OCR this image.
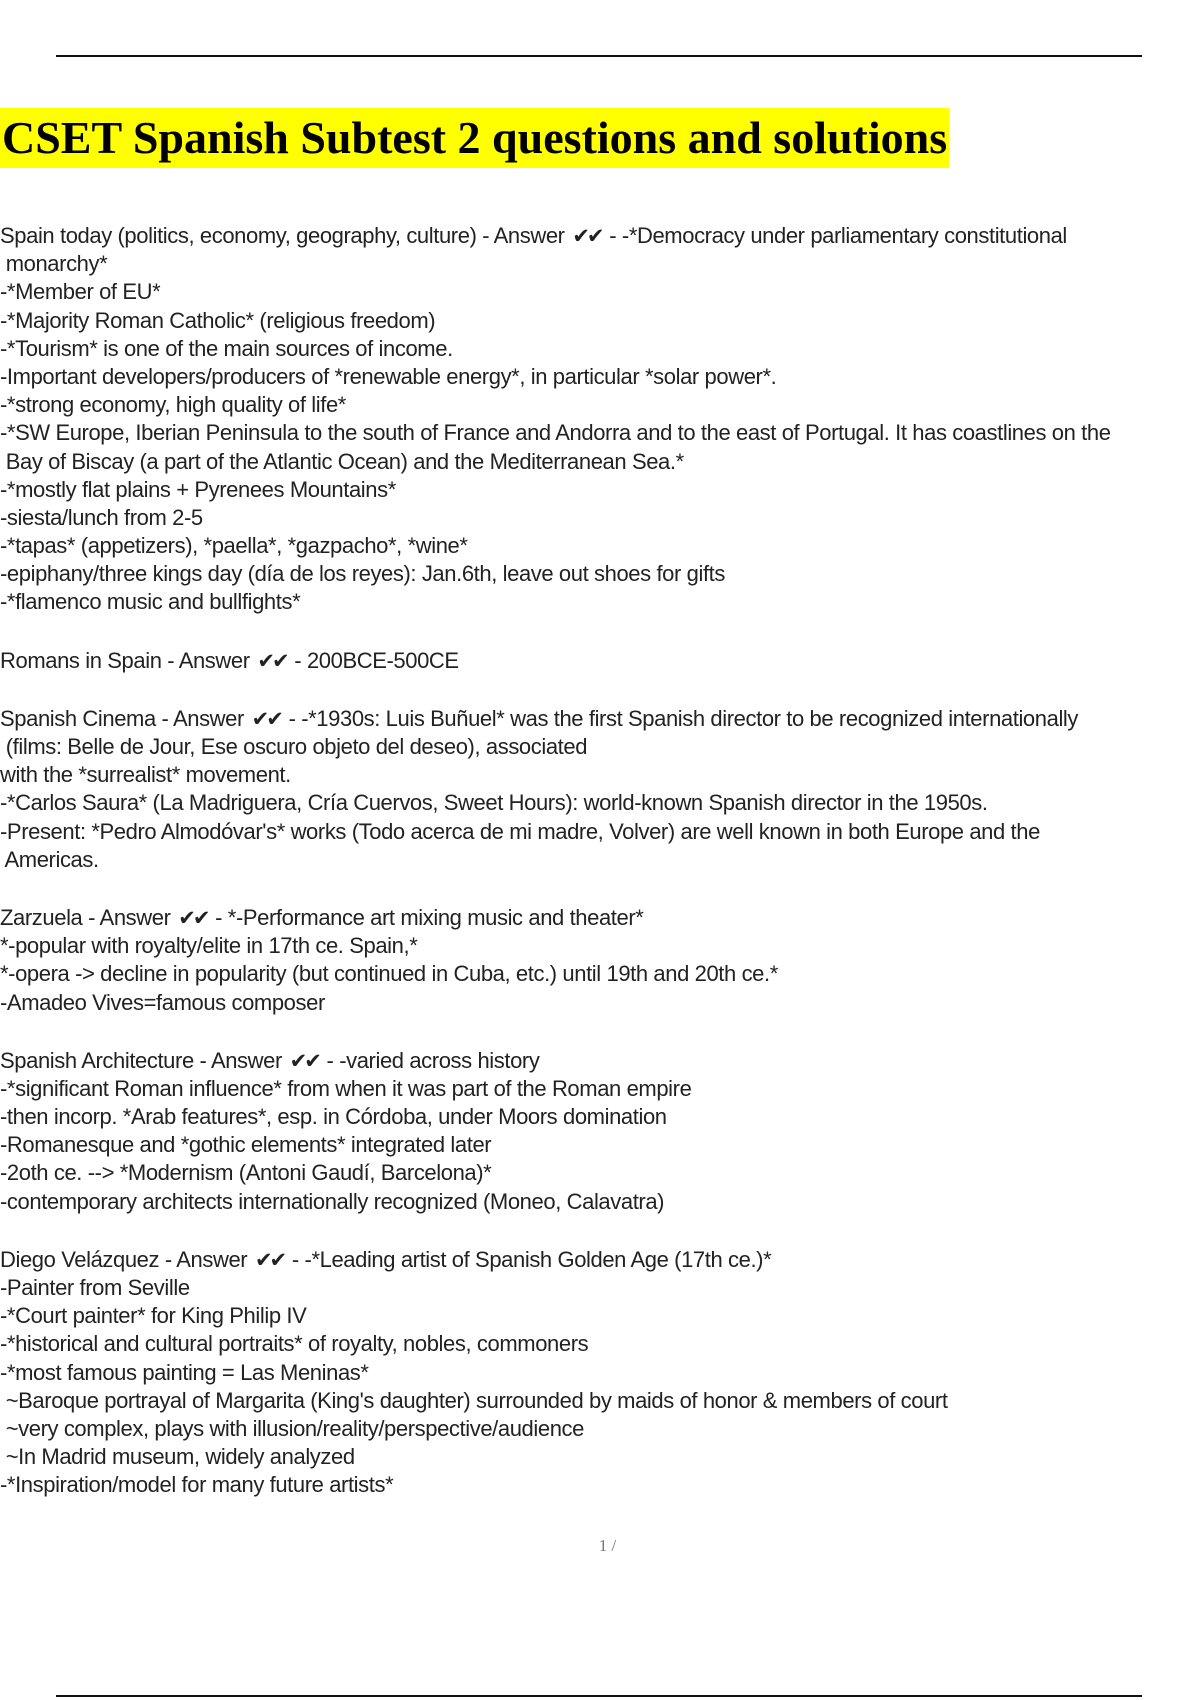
CSET Spanish Subtest 2 questions and solutions
Spain today (politics, economy, geography, culture) - Answer ✔✔ - -*Democracy under parliamentary constitutional
monarchy*
-*Member of EU*
-*Majority Roman Catholic* (religious freedom)
-*Tourism* is one of the main sources of income.
-Important developers/producers of *renewable energy*, in particular *solar power*.
-*strong economy, high quality of life*
-*SW Europe, Iberian Peninsula to the south of France and Andorra and to the east of Portugal. It has coastlines on the
Bay of Biscay (a part of the Atlantic Ocean) and the Mediterranean Sea.*
-*mostly flat plains + Pyrenees Mountains*
-siesta/lunch from 2-5
-*tapas* (appetizers), *paella*, *gazpacho*, *wine*
-epiphany/three kings day (día de los reyes): Jan.6th, leave out shoes for gifts
-*flamenco music and bullfights*
Romans in Spain - Answer ✔✔ - 200BCE-500CE
Spanish Cinema - Answer ✔✔ - -*1930s: Luis Buñuel* was the first Spanish director to be recognized internationally
(films: Belle de Jour, Ese oscuro objeto del deseo), associated
with the *surrealist* movement.
-*Carlos Saura* (La Madriguera, Cría Cuervos, Sweet Hours): world-known Spanish director in the 1950s.
-Present: *Pedro Almodóvar's* works (Todo acerca de mi madre, Volver) are well known in both Europe and the
Americas.
Zarzuela - Answer ✔✔ - *-Performance art mixing music and theater*
*-popular with royalty/elite in 17th ce. Spain,*
*-opera -> decline in popularity (but continued in Cuba, etc.) until 19th and 20th ce.*
-Amadeo Vives=famous composer
Spanish Architecture - Answer ✔✔ - -varied across history
-*significant Roman influence* from when it was part of the Roman empire
-then incorp. *Arab features*, esp. in Córdoba, under Moors domination
-Romanesque and *gothic elements* integrated later
-2oth ce. --> *Modernism (Antoni Gaudí, Barcelona)*
-contemporary architects internationally recognized (Moneo, Calavatra)
Diego Velázquez - Answer ✔✔ - -*Leading artist of Spanish Golden Age (17th ce.)*
-Painter from Seville
-*Court painter* for King Philip IV
-*historical and cultural portraits* of royalty, nobles, commoners
-*most famous painting = Las Meninas*
~Baroque portrayal of Margarita (King's daughter) surrounded by maids of honor & members of court
~very complex, plays with illusion/reality/perspective/audience
~In Madrid museum, widely analyzed
-*Inspiration/model for many future artists*
1 /
